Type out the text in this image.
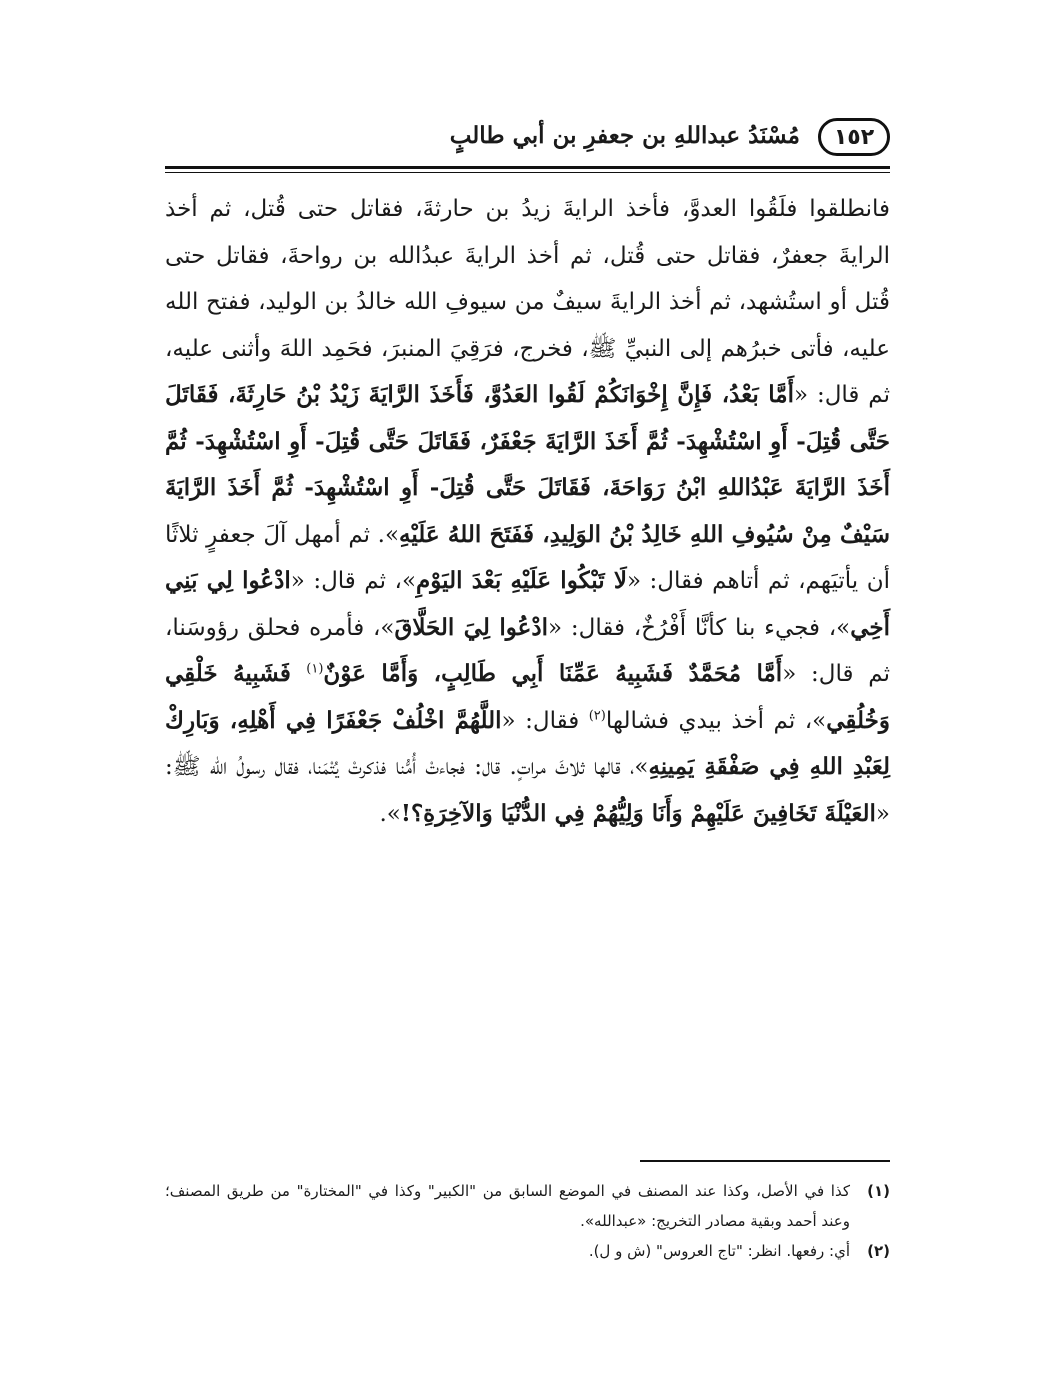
١٥٢
مُسْنَدُ عبداللهِ بن جعفرِ بن أبي طالبٍ
فانطلقوا فلَقُوا العدوَّ، فأخذ الرايةَ زيدُ بن حارثةَ، فقاتل حتى قُتل، ثم أخذ الرايةَ جعفرٌ، فقاتل حتى قُتل، ثم أخذ الرايةَ عبدُالله بن رواحةَ، فقاتل حتى قُتل أو استُشهد، ثم أخذ الرايةَ سيفٌ من سيوفِ الله خالدُ بن الوليد، ففتح الله عليه، فأتى خبرُهم إلى النبيِّ ﷺ، فخرج، فرَقِيَ المنبرَ، فحَمِد اللهَ وأثنى عليه، ثم قال: «أَمَّا بَعْدُ، فَإِنَّ إِخْوَانَكُمْ لَقُوا العَدُوَّ، فَأَخَذَ الرَّايَةَ زَيْدُ بْنُ حَارِثَةَ، فَقَاتَلَ حَتَّى قُتِلَ- أَوِ اسْتُشْهِدَ- ثُمَّ أَخَذَ الرَّايَةَ جَعْفَرٌ، فَقَاتَلَ حَتَّى قُتِلَ- أَوِ اسْتُشْهِدَ- ثُمَّ أَخَذَ الرَّايَةَ عَبْدُاللهِ ابْنُ رَوَاحَةَ، فَقَاتَلَ حَتَّى قُتِلَ- أَوِ اسْتُشْهِدَ- ثُمَّ أَخَذَ الرَّايَةَ سَيْفٌ مِنْ سُيُوفِ اللهِ خَالِدُ بْنُ الوَلِيدِ، فَفَتَحَ اللهُ عَلَيْهِ». ثم أمهل آلَ جعفرٍ ثلاثًا أن يأتيَهم، ثم أتاهم فقال: «لَا تَبْكُوا عَلَيْهِ بَعْدَ اليَوْمِ»، ثم قال: «ادْعُوا لِي بَنِي أَخِي»، فجيء بنا كأنَّا أَفْرُخٌ، فقال: «ادْعُوا لِيَ الحَلَّاقَ»، فأمره فحلق رؤوسَنا، ثم قال: «أَمَّا مُحَمَّدٌ فَشَبِيهُ عَمِّنَا أَبِي طَالِبٍ، وَأَمَّا عَوْنٌ$^{(١)}$ فَشَبِيهُ خَلْقِي وَخُلُقِي»، ثم أخذ بيدي فشالها$^{(٢)}$ فقال: «اللَّهُمَّ اخْلُفْ جَعْفَرًا فِي أَهْلِهِ، وَبَارِكْ لِعَبْدِ اللهِ فِي صَفْقَةِ يَمِينِهِ»، قالها ثلاثَ مراتٍ. قال: فجاءتْ أُمُّنا فذكرتْ يُتْمَنا، فقال رسولُ الله ﷺ: «العَيْلَةَ تَخَافِينَ عَلَيْهِمْ وَأَنَا وَلِيُّهُمْ فِي الدُّنْيَا وَالآخِرَةِ؟!».
(١)
كذا في الأصل، وكذا عند المصنف في الموضع السابق من "الكبير" وكذا في "المختارة" من طريق المصنف؛ وعند أحمد وبقية مصادر التخريج: «عبدالله».
(٢)
أي: رفعها. انظر: "تاج العروس" (ش و ل).
